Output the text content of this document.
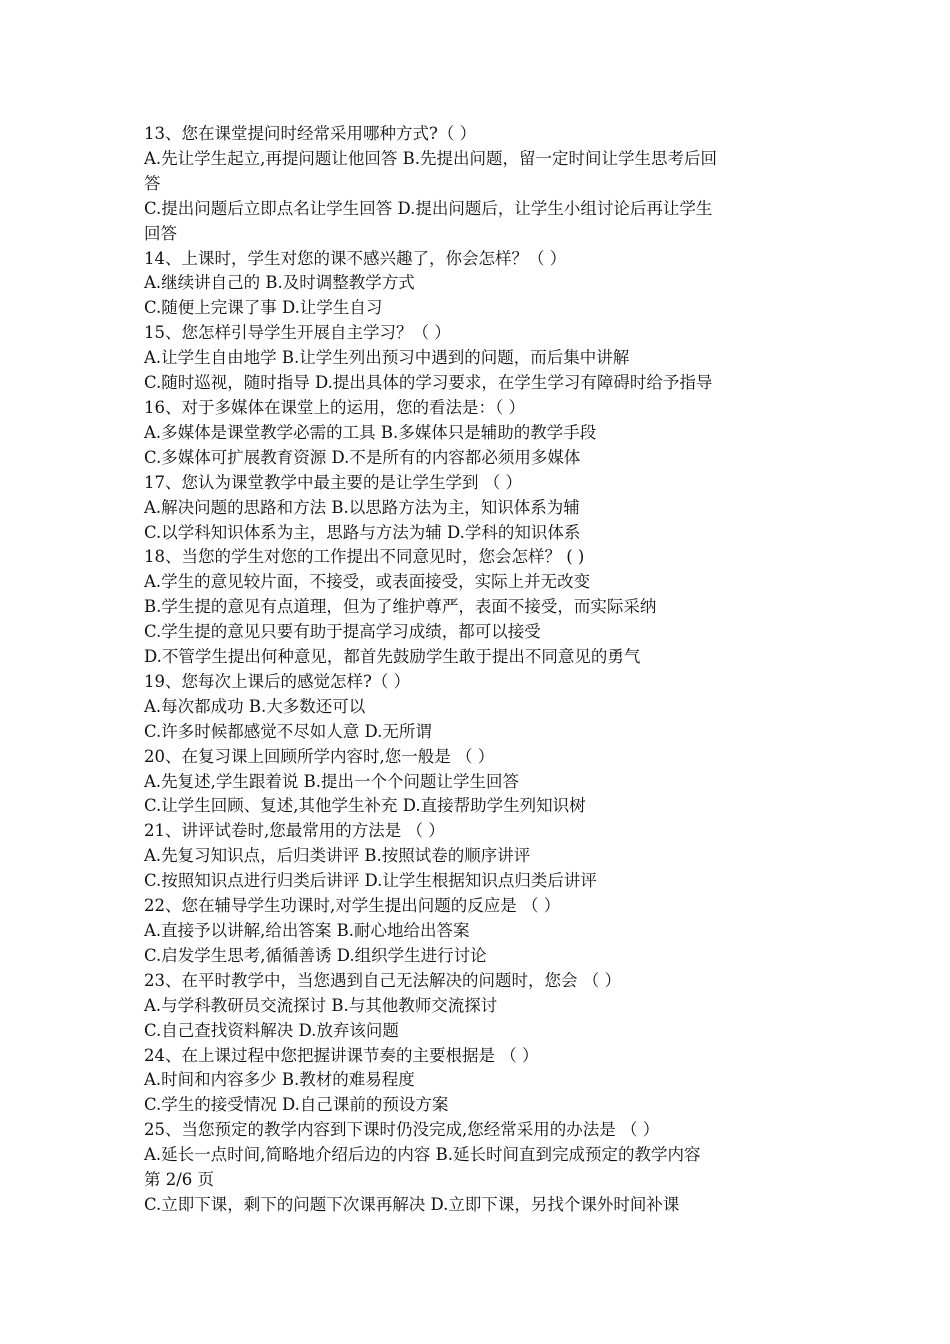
13、您在课堂提问时经常采用哪种方式?（ ）

A.先让学生起立,再提问题让他回答 B.先提出问题，留一定时间让学生思考后回

答

C.提出问题后立即点名让学生回答 D.提出问题后，让学生小组讨论后再让学生

回答

14、上课时，学生对您的课不感兴趣了，你会怎样？（ ）

A.继续讲自己的 B.及时调整教学方式

C.随便上完课了事 D.让学生自习

15、您怎样引导学生开展自主学习？（ ）

A.让学生自由地学 B.让学生列出预习中遇到的问题，而后集中讲解

C.随时巡视，随时指导 D.提出具体的学习要求，在学生学习有障碍时给予指导

16、对于多媒体在课堂上的运用，您的看法是：（ ）

A.多媒体是课堂教学必需的工具 B.多媒体只是辅助的教学手段

C.多媒体可扩展教育资源 D.不是所有的内容都必须用多媒体

17、您认为课堂教学中最主要的是让学生学到 （ ）

A.解决问题的思路和方法 B.以思路方法为主，知识体系为辅

C.以学科知识体系为主，思路与方法为辅 D.学科的知识体系

18、当您的学生对您的工作提出不同意见时，您会怎样？ ( )

A.学生的意见较片面，不接受，或表面接受，实际上并无改变

B.学生提的意见有点道理，但为了维护尊严，表面不接受，而实际采纳

C.学生提的意见只要有助于提高学习成绩，都可以接受

D.不管学生提出何种意见，都首先鼓励学生敢于提出不同意见的勇气

19、您每次上课后的感觉怎样?（ ）

A.每次都成功 B.大多数还可以

C.许多时候都感觉不尽如人意 D.无所谓

20、在复习课上回顾所学内容时,您一般是 （ ）

A.先复述,学生跟着说 B.提出一个个问题让学生回答

C.让学生回顾、复述,其他学生补充 D.直接帮助学生列知识树

21、讲评试卷时,您最常用的方法是 （ ）

A.先复习知识点，后归类讲评 B.按照试卷的顺序讲评

C.按照知识点进行归类后讲评 D.让学生根据知识点归类后讲评

22、您在辅导学生功课时,对学生提出问题的反应是 （ ）

A.直接予以讲解,给出答案 B.耐心地给出答案

C.启发学生思考,循循善诱 D.组织学生进行讨论

23、在平时教学中，当您遇到自己无法解决的问题时，您会 （ ）

A.与学科教研员交流探讨 B.与其他教师交流探讨

C.自己查找资料解决 D.放弃该问题

24、在上课过程中您把握讲课节奏的主要根据是 （ ）

A.时间和内容多少 B.教材的难易程度

C.学生的接受情况 D.自己课前的预设方案

25、当您预定的教学内容到下课时仍没完成,您经常采用的办法是 （ ）

A.延长一点时间,简略地介绍后边的内容 B.延长时间直到完成预定的教学内容

第 2/6 页

C.立即下课，剩下的问题下次课再解决 D.立即下课，另找个课外时间补课
